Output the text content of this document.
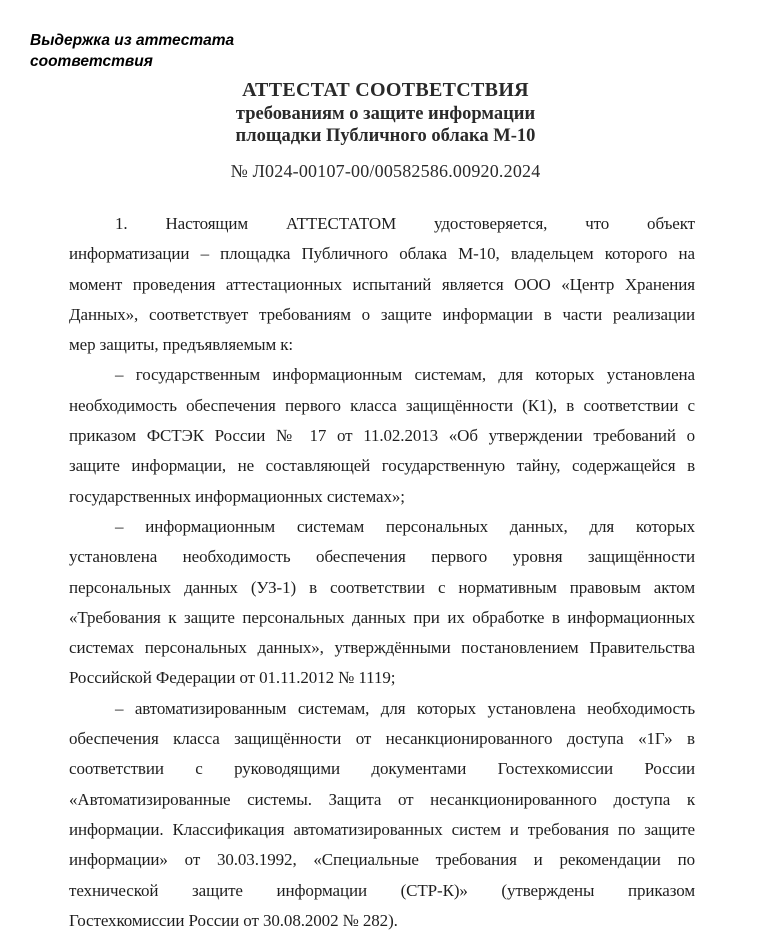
Выдержка из аттестата
соответствия
АТТЕСТАТ СООТВЕТСТВИЯ
требованиям о защите информации
площадки Публичного облака М-10
№ Л024-00107-00/00582586.00920.2024
1. Настоящим АТТЕСТАТОМ удостоверяется, что объект
информатизации – площадка Публичного облака М-10, владельцем которого на
момент проведения аттестационных испытаний является ООО «Центр Хранения
Данных», соответствует требованиям о защите информации в части реализации
мер защиты, предъявляемым к:
– государственным информационным системам, для которых установлена
необходимость обеспечения первого класса защищённости (К1), в соответствии с
приказом ФСТЭК России № 17 от 11.02.2013 «Об утверждении требований о
защите информации, не составляющей государственную тайну, содержащейся в
государственных информационных системах»;
– информационным системам персональных данных, для которых
установлена необходимость обеспечения первого уровня защищённости
персональных данных (УЗ-1) в соответствии с нормативным правовым актом
«Требования к защите персональных данных при их обработке в информационных
системах персональных данных», утверждёнными постановлением Правительства
Российской Федерации от 01.11.2012 № 1119;
– автоматизированным системам, для которых установлена необходимость
обеспечения класса защищённости от несанкционированного доступа «1Г» в
соответствии с руководящими документами Гостехкомиссии России
«Автоматизированные системы. Защита от несанкционированного доступа к
информации. Классификация автоматизированных систем и требования по защите
информации» от 30.03.1992, «Специальные требования и рекомендации по
технической защите информации (СТР-К)» (утверждены приказом
Гостехкомиссии России от 30.08.2002 № 282).
